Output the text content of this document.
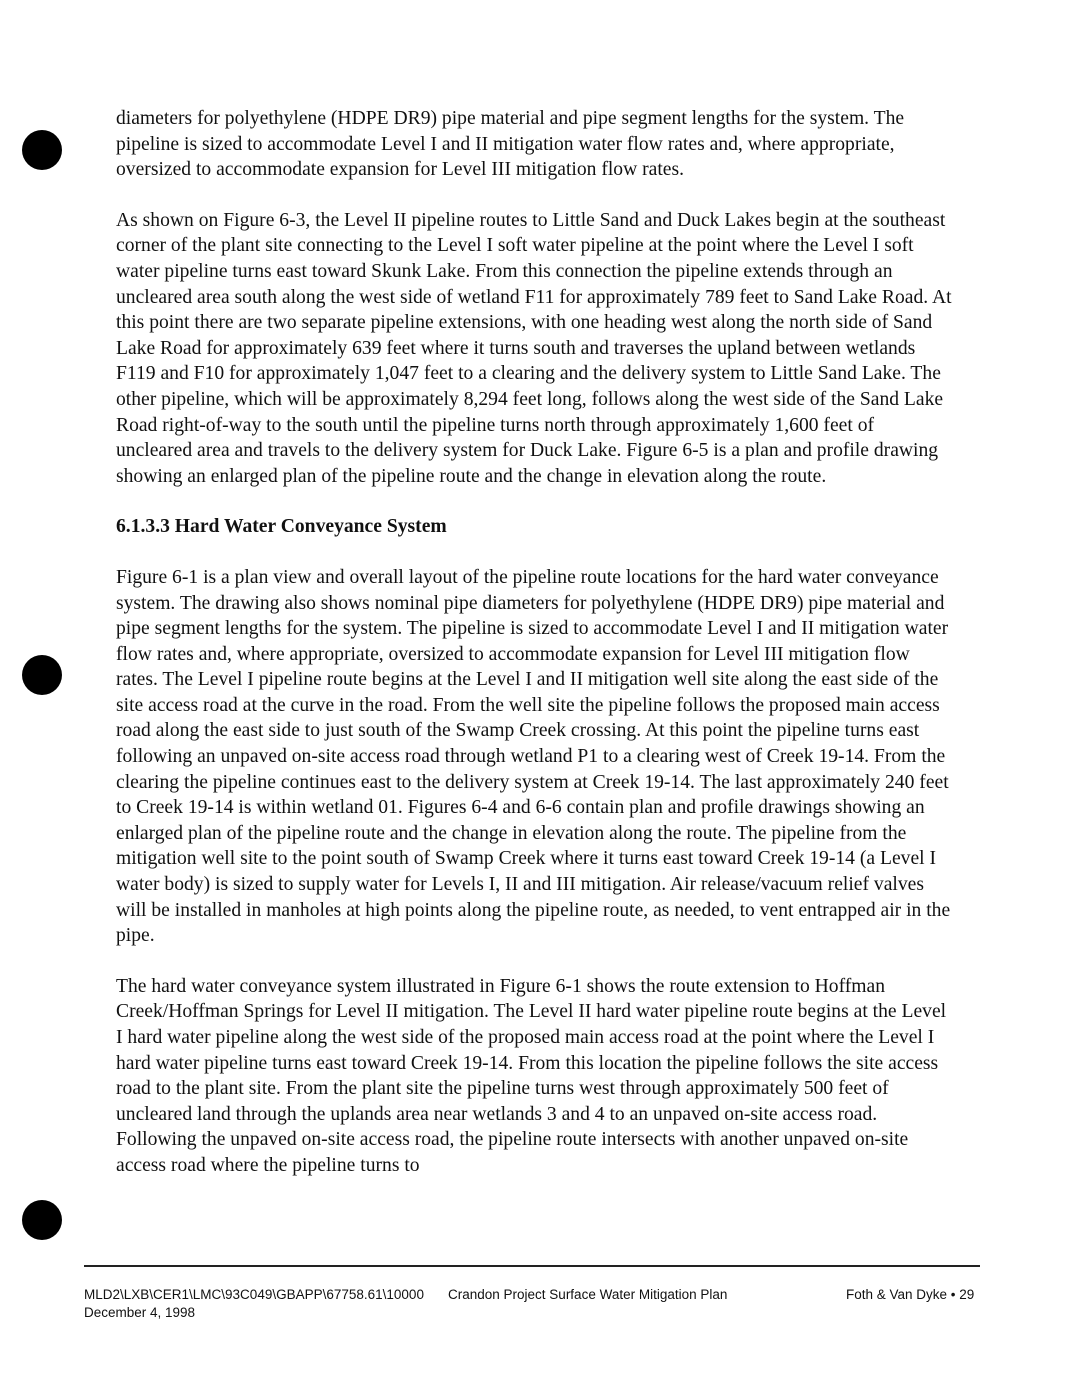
diameters for polyethylene (HDPE DR9) pipe material and pipe segment lengths for the system. The pipeline is sized to accommodate Level I and II mitigation water flow rates and, where appropriate, oversized to accommodate expansion for Level III mitigation flow rates.

As shown on Figure 6-3, the Level II pipeline routes to Little Sand and Duck Lakes begin at the southeast corner of the plant site connecting to the Level I soft water pipeline at the point where the Level I soft water pipeline turns east toward Skunk Lake. From this connection the pipeline extends through an uncleared area south along the west side of wetland F11 for approximately 789 feet to Sand Lake Road. At this point there are two separate pipeline extensions, with one heading west along the north side of Sand Lake Road for approximately 639 feet where it turns south and traverses the upland between wetlands F119 and F10 for approximately 1,047 feet to a clearing and the delivery system to Little Sand Lake. The other pipeline, which will be approximately 8,294 feet long, follows along the west side of the Sand Lake Road right-of-way to the south until the pipeline turns north through approximately 1,600 feet of uncleared area and travels to the delivery system for Duck Lake. Figure 6-5 is a plan and profile drawing showing an enlarged plan of the pipeline route and the change in elevation along the route.

6.1.3.3 Hard Water Conveyance System

Figure 6-1 is a plan view and overall layout of the pipeline route locations for the hard water conveyance system. The drawing also shows nominal pipe diameters for polyethylene (HDPE DR9) pipe material and pipe segment lengths for the system. The pipeline is sized to accommodate Level I and II mitigation water flow rates and, where appropriate, oversized to accommodate expansion for Level III mitigation flow rates. The Level I pipeline route begins at the Level I and II mitigation well site along the east side of the site access road at the curve in the road. From the well site the pipeline follows the proposed main access road along the east side to just south of the Swamp Creek crossing. At this point the pipeline turns east following an unpaved on-site access road through wetland P1 to a clearing west of Creek 19-14. From the clearing the pipeline continues east to the delivery system at Creek 19-14. The last approximately 240 feet to Creek 19-14 is within wetland 01. Figures 6-4 and 6-6 contain plan and profile drawings showing an enlarged plan of the pipeline route and the change in elevation along the route. The pipeline from the mitigation well site to the point south of Swamp Creek where it turns east toward Creek 19-14 (a Level I water body) is sized to supply water for Levels I, II and III mitigation. Air release/vacuum relief valves will be installed in manholes at high points along the pipeline route, as needed, to vent entrapped air in the pipe.

The hard water conveyance system illustrated in Figure 6-1 shows the route extension to Hoffman Creek/Hoffman Springs for Level II mitigation. The Level II hard water pipeline route begins at the Level I hard water pipeline along the west side of the proposed main access road at the point where the Level I hard water pipeline turns east toward Creek 19-14. From this location the pipeline follows the site access road to the plant site. From the plant site the pipeline turns west through approximately 500 feet of uncleared land through the uplands area near wetlands 3 and 4 to an unpaved on-site access road. Following the unpaved on-site access road, the pipeline route intersects with another unpaved on-site access road where the pipeline turns to

MLD2\LXB\CER1\LMC\93C049\GBAPP\67758.61\10000
December 4, 1998
Crandon Project Surface Water Mitigation Plan	Foth & Van Dyke • 29
